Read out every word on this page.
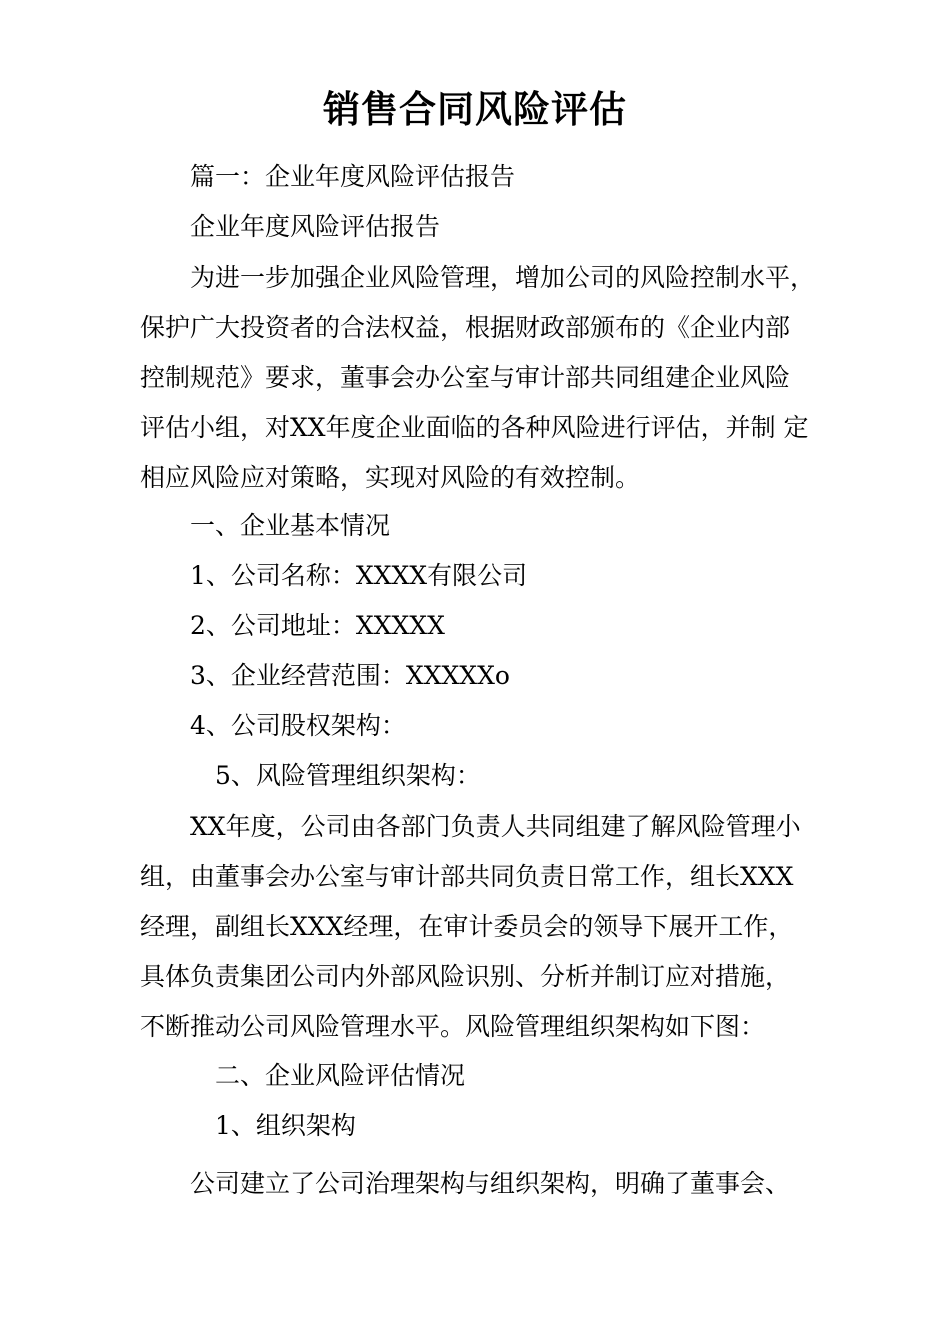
销售合同风险评估
篇一：企业年度风险评估报告
企业年度风险评估报告
为进一步加强企业风险管理，增加公司的风险控制水平，
保护广大投资者的合法权益，根据财政部颁布的《企业内部
控制规范》要求，董事会办公室与审计部共同组建企业风险
评估小组，对XX年度企业面临的各种风险进行评估，并制 定
相应风险应对策略，实现对风险的有效控制。
一、企业基本情况
1、公司名称：XXXX有限公司
2、公司地址：XXXXX
3、企业经营范围：XXXXXo
4、公司股权架构：
5、风险管理组织架构：
XX年度，公司由各部门负责人共同组建了解风险管理小
组，由董事会办公室与审计部共同负责日常工作，组长XXX
经理，副组长XXX经理，在审计委员会的领导下展开工作，
具体负责集团公司内外部风险识别、分析并制订应对措施，
不断推动公司风险管理水平。风险管理组织架构如下图：
二、企业风险评估情况
1、组织架构
公司建立了公司治理架构与组织架构，明确了董事会、
